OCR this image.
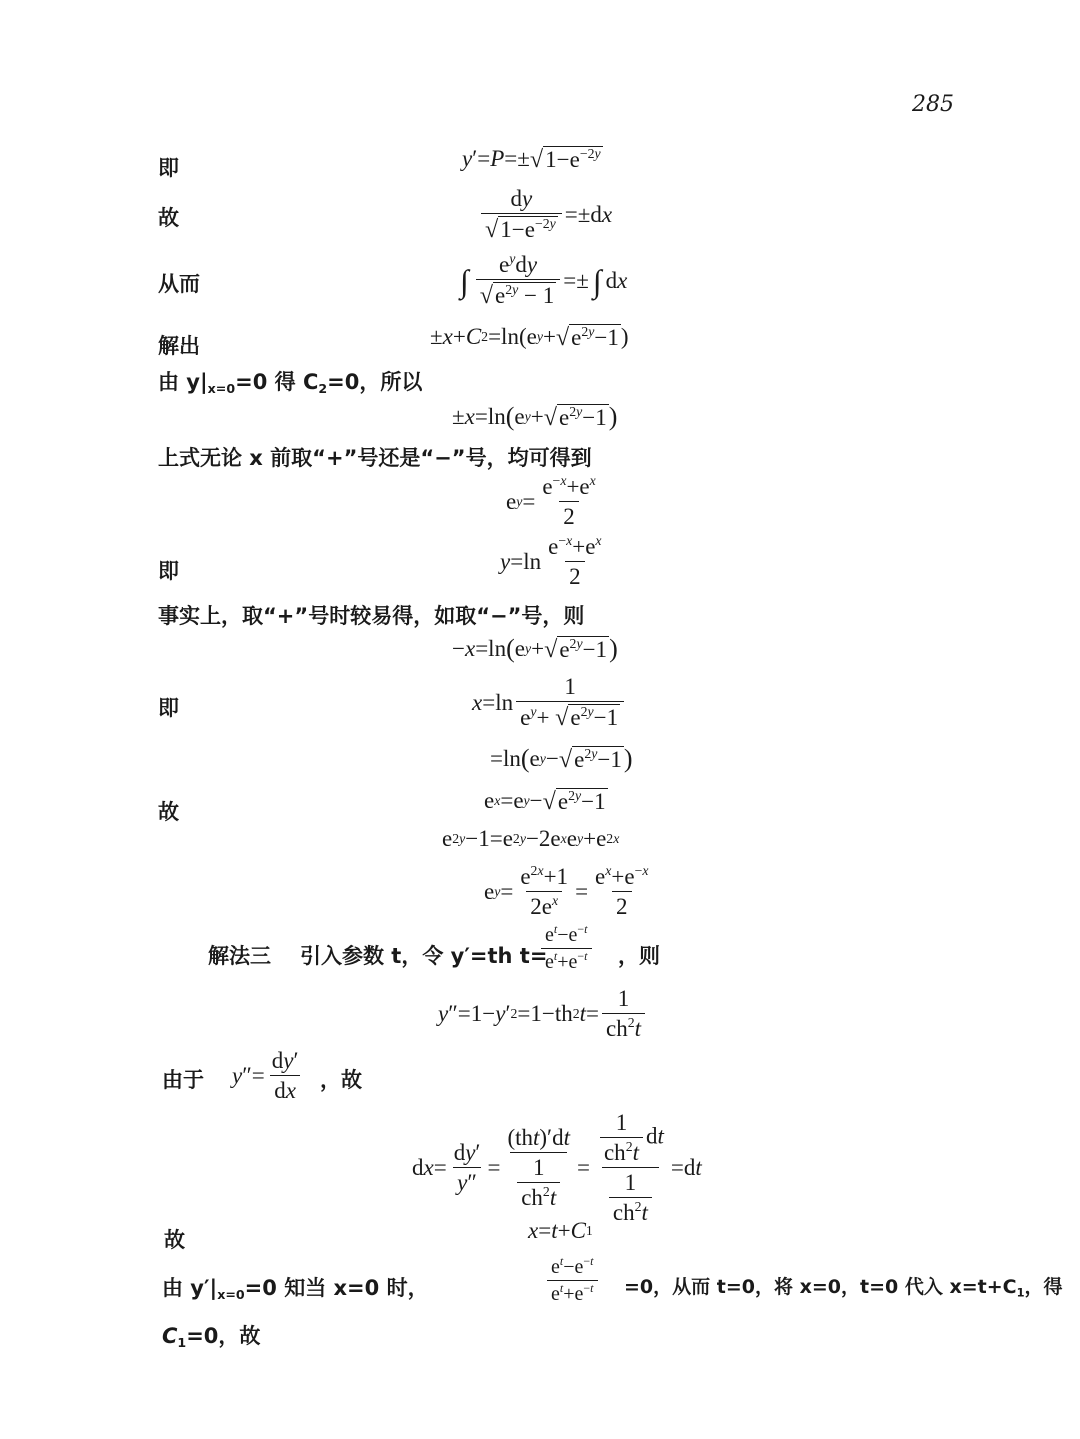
285
即	y ′= P =± √ $1-e^{-2y}$
故	$\frac{dy}{√ 1-e^{-2y}} =\pm d$ x
从而	∫ $\frac{e^ydy}{√ e^{2y} - 1}$ =± ∫ d x
解出	± x + C 2 =ln(e y + √ $e^{2y}-1$ )
由 $y|_{x=0}=0$ 得 $C_2=0$，所以
± x =ln ( e y + √ $e^{2y}-1$ )
上式无论 x 前取“+”号还是“−”号，均可得到
e $y = \frac{e^{-x}+e^x}{2}$
即	$y =\ln \frac{e^{-x}+e^x}{2}$
事实上，取“+”号时较易得，如取“−”号，则
− x =ln ( e y + √ $e^{2y}-1$ )
即	$x =\ln \frac{1}{e^y+ √ e^{2y}-1}$
=ln ( e y − √ $e^{2y}-1$ )
故	e x =e y − √ $e^{2y}-1$
e 2y −1=e 2y −2e x e y +e 2x
e $y = \frac{e^{2x}+1}{2e^x} = \frac{e^x+e^{-x}}{2}$
解法三 引入参数 t，令 y′=th t=
$\frac{e^t-e^{-t}}{e^t+e^{-t}}$ ，则
y ″=1− y ′ 2 =1−th 2 $t = \frac{1}{ch^2t}$
由于 y ″= $\frac{dy'}{dx}$ ，故
d $x = \frac{dy'}{y''} = \frac{\text{(tht)′dt}}{\frac{1}{ch^2t}} = \frac{\frac{1}{ch^2t} dt}{\frac{1}{ch^2t}} =d$ t
故	x = t + C 1
由 $y'|_{x=0}=0$ 知当 x=0 时，	$\frac{e^t-e^{-t}}{e^t+e^{-t}} =0$，从而 t=0，将 x=0，t=0 代入 $x=t+C_1$，得
$C_1=0$，故
